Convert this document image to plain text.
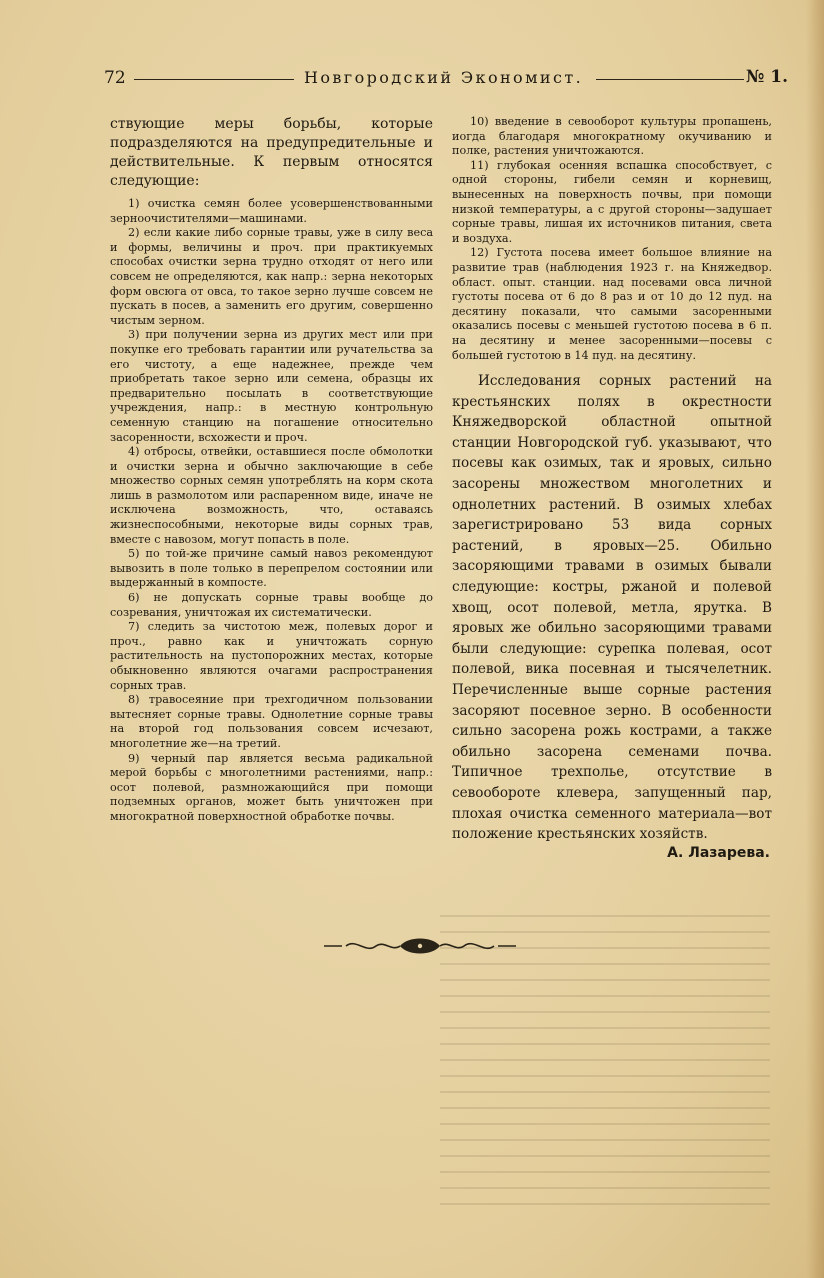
72	Новгородский Экономист.	№ 1.

ствующие меры борьбы, которые подразделяются на предупредительные и действительные. К первым относятся следующие:

1) очистка семян более усовершенствованными зерноочистителями—машинами.

2) если какие либо сорные травы, уже в силу веса и формы, величины и проч. при практикуемых способах очистки зерна трудно отходят от него или совсем не определяются, как напр.: зерна некоторых форм овсюга от овса, то такое зерно лучше совсем не пускать в посев, а заменить его другим, совершенно чистым зерном.

3) при получении зерна из других мест или при покупке его требовать гарантии или ручательства за его чистоту, а еще надежнее, прежде чем приобретать такое зерно или семена, образцы их предварительно посылать в соответствующие учреждения, напр.: в местную контрольную семенную станцию на погашение относительно засоренности, всхожести и проч.

4) отбросы, отвейки, оставшиеся после обмолотки и очистки зерна и обычно заключающие в себе множество сорных семян употреблять на корм скота лишь в размолотом или распаренном виде, иначе не исключена возможность, что, оставаясь жизнеспособными, некоторые виды сорных трав, вместе с навозом, могут попасть в поле.

5) по той-же причине самый навоз рекомендуют вывозить в поле только в перепрелом состоянии или выдержанный в компосте.

6) не допускать сорные травы вообще до созревания, уничтожая их систематически.

7) следить за чистотою меж, полевых дорог и проч., равно как и уничтожать сорную растительность на пустопорожних местах, которые обыкновенно являются очагами распространения сорных трав.

8) травосеяние при трехгодичном пользовании вытесняет сорные травы. Однолетние сорные травы на второй год пользования совсем исчезают, многолетние же—на третий.

9) черный пар является весьма радикальной мерой борьбы с многолетними растениями, напр.: осот полевой, размножающийся при помощи подземных органов, может быть уничтожен при многократной поверхностной обработке почвы.

10) введение в севооборот культуры пропашень, иогда благодаря многократному окучиванию и полке, растения уничтожаются.

11) глубокая осенняя вспашка способствует, с одной стороны, гибели семян и корневищ, вынесенных на поверхность почвы, при помощи низкой температуры, а с другой стороны—задушает сорные травы, лишая их источников питания, света и воздуха.

12) Густота посева имеет большое влияние на развитие трав (наблюдения 1923 г. на Княжедвор. област. опыт. станции. над посевами овса личной густоты посева от 6 до 8 раз и от 10 до 12 пуд. на десятину показали, что самыми засоренными оказались посевы с меньшей густотою посева в 6 п. на десятину и менее засоренными—посевы с большей густотою в 14 пуд. на десятину.

Исследования сорных растений на крестьянских полях в окрестности Княжедворской областной опытной станции Новгородской губ. указывают, что посевы как озимых, так и яровых, сильно засорены множеством многолетних и однолетних растений. В озимых хлебах зарегистрировано 53 вида сорных растений, в яровых—25. Обильно засоряющими травами в озимых бывали следующие: костры, ржаной и полевой хвощ, осот полевой, метла, ярутка. В яровых же обильно засоряющими травами были следующие: сурепка полевая, осот полевой, вика посевная и тысячелетник. Перечисленные выше сорные растения засоряют посевное зерно. В особенности сильно засорена рожь кострами, а также обильно засорена семенами почва. Типичное трехполье, отсутствие в севообороте клевера, запущенный пар, плохая очистка семенного материала—вот положение крестьянских хозяйств.

А. Лазарева.
